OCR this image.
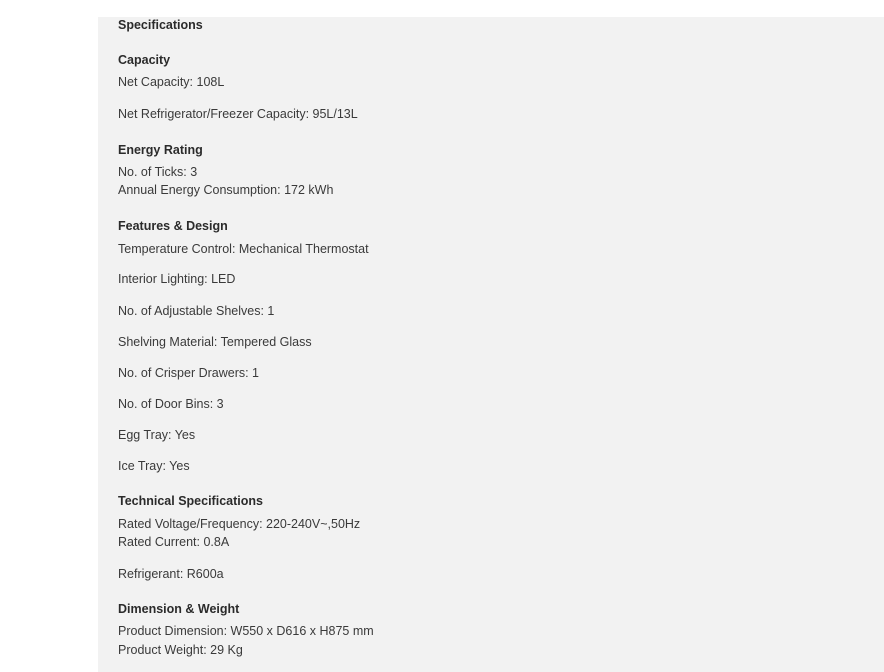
Specifications
Capacity
Net Capacity: 108L
Net Refrigerator/Freezer Capacity: 95L/13L
Energy Rating
No. of Ticks: 3
Annual Energy Consumption: 172 kWh
Features & Design
Temperature Control: Mechanical Thermostat
Interior Lighting: LED
No. of Adjustable Shelves: 1
Shelving Material: Tempered Glass
No. of Crisper Drawers: 1
No. of Door Bins: 3
Egg Tray: Yes
Ice Tray: Yes
Technical Specifications
Rated Voltage/Frequency: 220-240V~,50Hz
Rated Current: 0.8A
Refrigerant: R600a
Dimension & Weight
Product Dimension: W550 x D616 x H875 mm
Product Weight: 29 Kg
